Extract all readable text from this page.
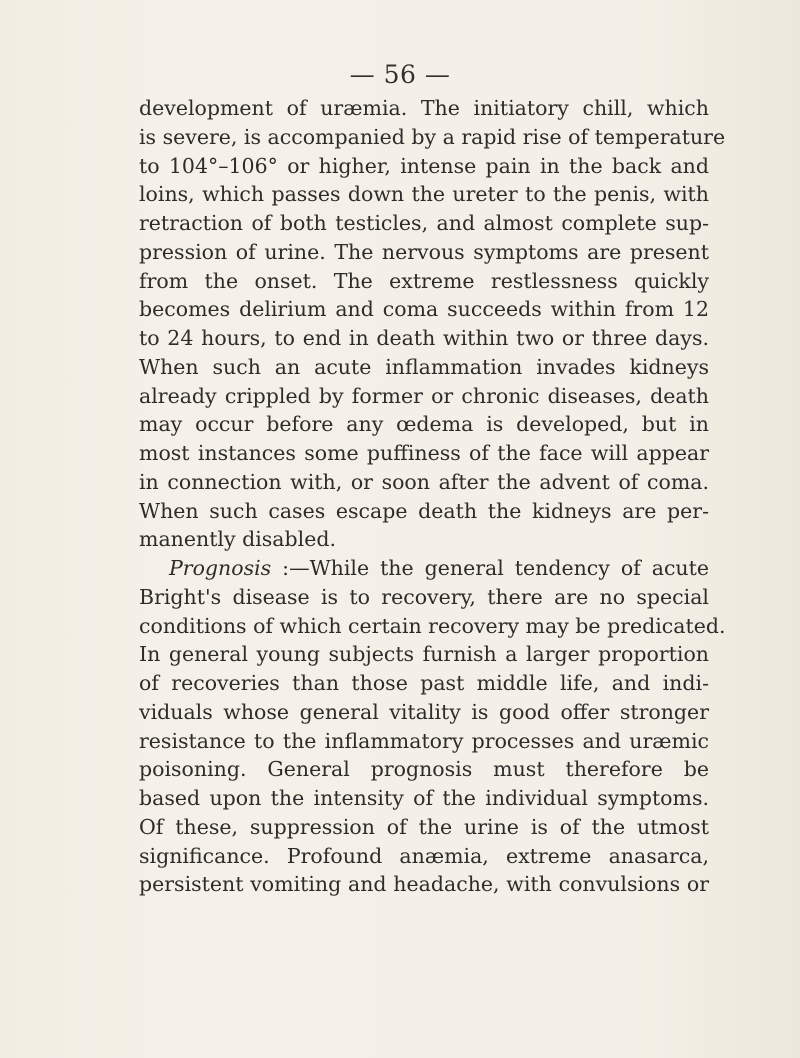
— 56 —
development of uræmia. The initiatory chill, which
is severe, is accompanied by a rapid rise of temperature
to 104°–106° or higher, intense pain in the back and
loins, which passes down the ureter to the penis, with
retraction of both testicles, and almost complete sup-
pression of urine. The nervous symptoms are present
from the onset. The extreme restlessness quickly
becomes delirium and coma succeeds within from 12
to 24 hours, to end in death within two or three days.
When such an acute inflammation invades kidneys
already crippled by former or chronic diseases, death
may occur before any œdema is developed, but in
most instances some puffiness of the face will appear
in connection with, or soon after the advent of coma.
When such cases escape death the kidneys are per-
manently disabled.
Prognosis :—While the general tendency of acute
Bright's disease is to recovery, there are no special
conditions of which certain recovery may be predicated.
In general young subjects furnish a larger proportion
of recoveries than those past middle life, and indi-
viduals whose general vitality is good offer stronger
resistance to the inflammatory processes and uræmic
poisoning. General prognosis must therefore be
based upon the intensity of the individual symptoms.
Of these, suppression of the urine is of the utmost
significance. Profound anæmia, extreme anasarca,
persistent vomiting and headache, with convulsions or
